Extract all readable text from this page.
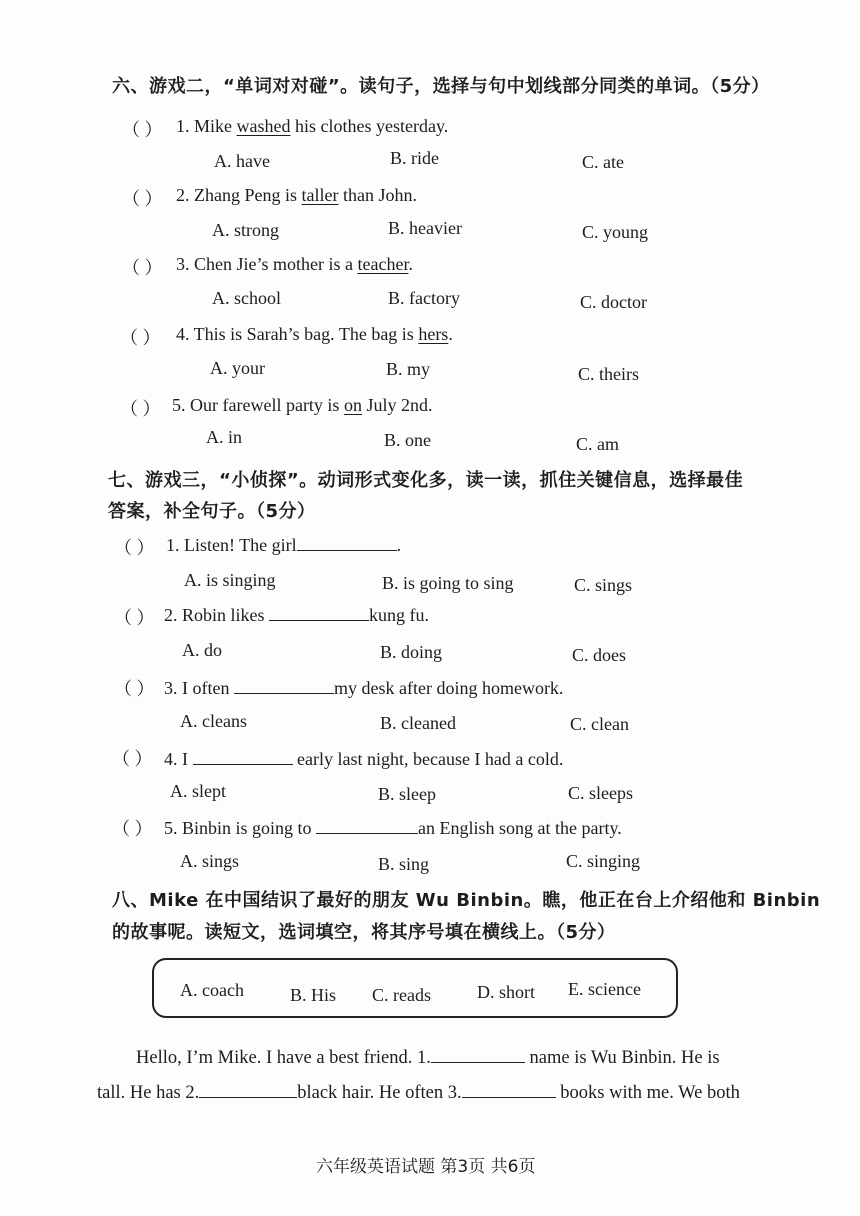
六、游戏二，“单词对对碰”。读句子，选择与句中划线部分同类的单词。（5分）
（ ） 1. Mike washed his clothes yesterday.
A. have	B. ride	C. ate
（ ） 2. Zhang Peng is taller than John.
A. strong	B. heavier	C. young
（ ） 3. Chen Jie’s mother is a teacher.
A. school	B. factory	C. doctor
（ ） 4. This is Sarah’s bag. The bag is hers.
A. your	B. my	C. theirs
（ ） 5. Our farewell party is on July 2nd.
A. in	B. one	C. am
七、游戏三，“小侦探”。动词形式变化多，读一读，抓住关键信息，选择最佳
答案，补全句子。（5分）
（ ） 1. Listen! The girl	.
A. is singing	B. is going to sing	C. sings
（ ） 2. Robin likes	kung fu.
A. do	B. doing	C. does
（ ） 3. I often	my desk after doing homework.
A. cleans	B. cleaned	C. clean
（ ） 4. I	early last night, because I had a cold.
A. slept	B. sleep	C. sleeps
（ ） 5. Binbin is going to	an English song at the party.
A. sings	B. sing	C. singing
八、Mike 在中国结识了最好的朋友 Wu Binbin。瞧，他正在台上介绍他和 Binbin
的故事呢。读短文，选词填空，将其序号填在横线上。（5分）
A. coach	B. His C. reads	D. short E. science
Hello, I’m Mike. I have a best friend. 1.	name is Wu Binbin. He is
tall. He has 2.	black hair. He often 3.	books with me. We both
六年级英语试题 第3页 共6页
